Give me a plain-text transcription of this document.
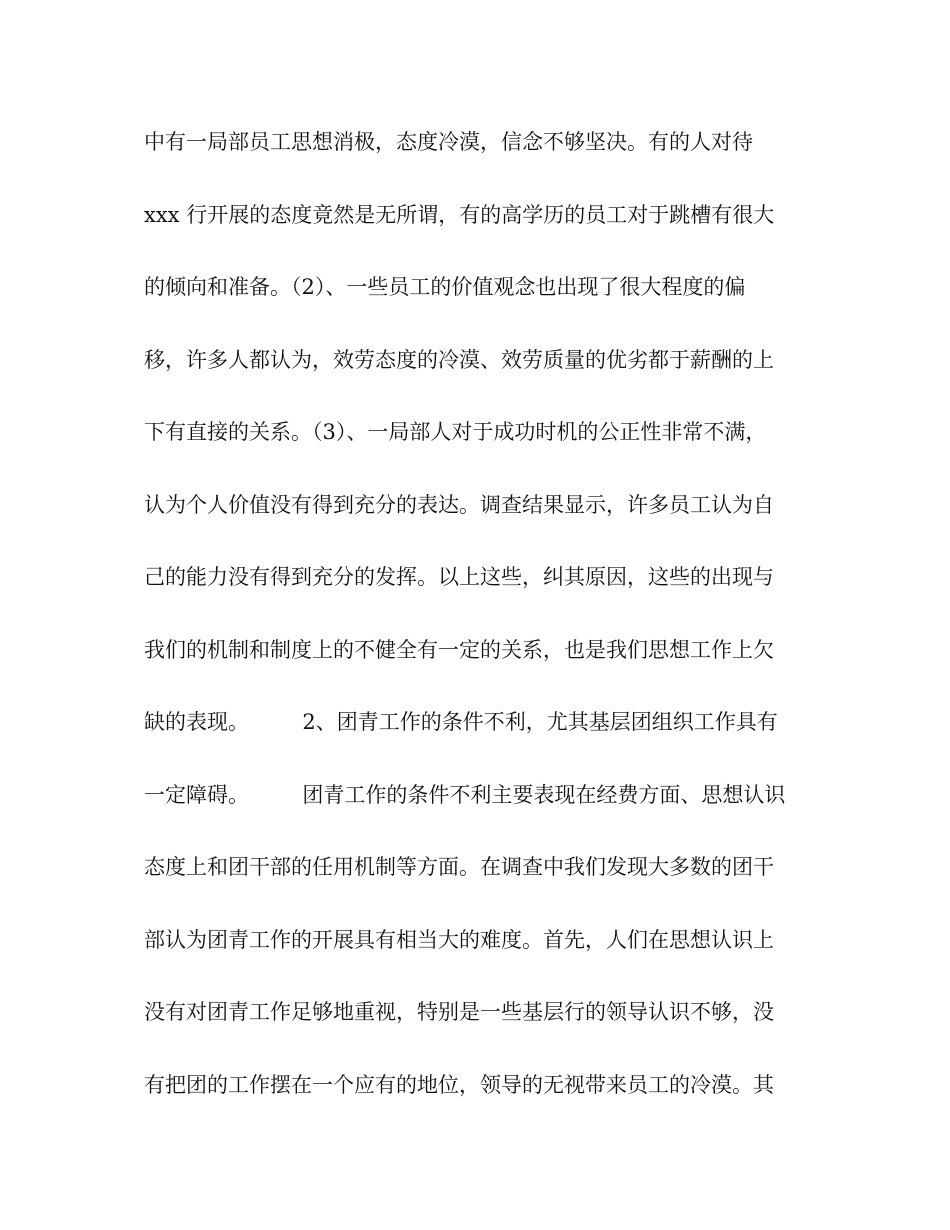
中有一局部员工思想消极，态度冷漠，信念不够坚决。有的人对待
xxx 行开展的态度竟然是无所谓，有的高学历的员工对于跳槽有很大
的倾向和准备。（2）、一些员工的价值观念也出现了很大程度的偏
移，许多人都认为，效劳态度的冷漠、效劳质量的优劣都于薪酬的上
下有直接的关系。（3）、一局部人对于成功时机的公正性非常不满，
认为个人价值没有得到充分的表达。调查结果显示，许多员工认为自
己的能力没有得到充分的发挥。以上这些，纠其原因，这些的出现与
我们的机制和制度上的不健全有一定的关系，也是我们思想工作上欠
缺的表现。        2、团青工作的条件不利，尤其基层团组织工作具有
一定障碍。        团青工作的条件不利主要表现在经费方面、思想认识
态度上和团干部的任用机制等方面。在调查中我们发现大多数的团干
部认为团青工作的开展具有相当大的难度。首先，人们在思想认识上
没有对团青工作足够地重视，特别是一些基层行的领导认识不够，没
有把团的工作摆在一个应有的地位，领导的无视带来员工的冷漠。其
